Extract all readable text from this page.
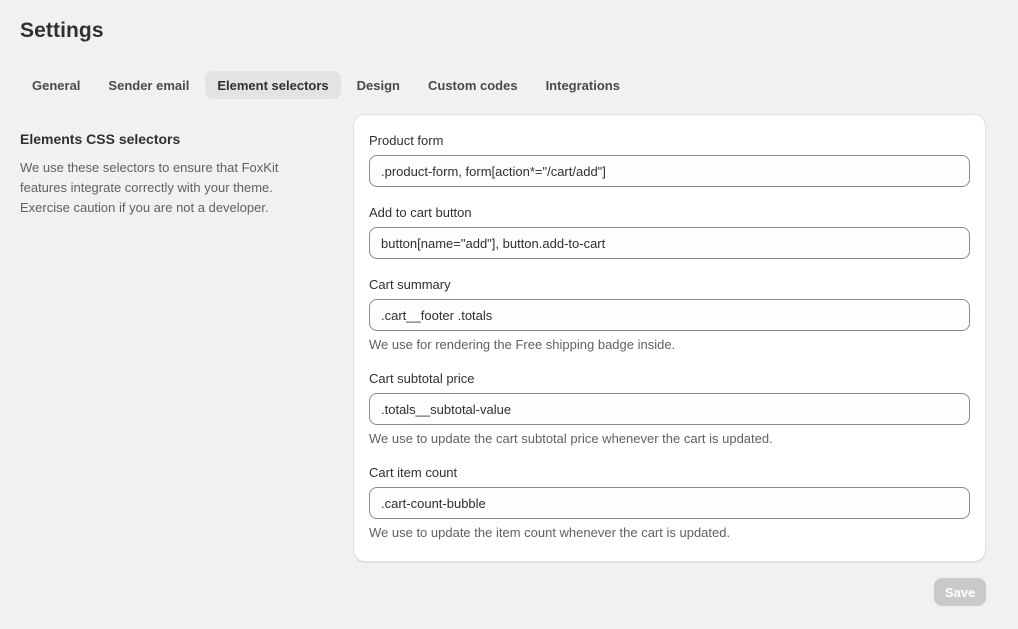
Settings
General	Sender email	Element selectors	Design	Custom codes	Integrations
Elements CSS selectors

We use these selectors to ensure that FoxKit features integrate correctly with your theme. Exercise caution if you are not a developer.

Product form
.product-form, form[action*="/cart/add"]
Add to cart button
button[name="add"], button.add-to-cart
Cart summary
.cart__footer .totals
We use for rendering the Free shipping badge inside.
Cart subtotal price
.totals__subtotal-value
We use to update the cart subtotal price whenever the cart is updated.
Cart item count
.cart-count-bubble
We use to update the item count whenever the cart is updated.
Save
